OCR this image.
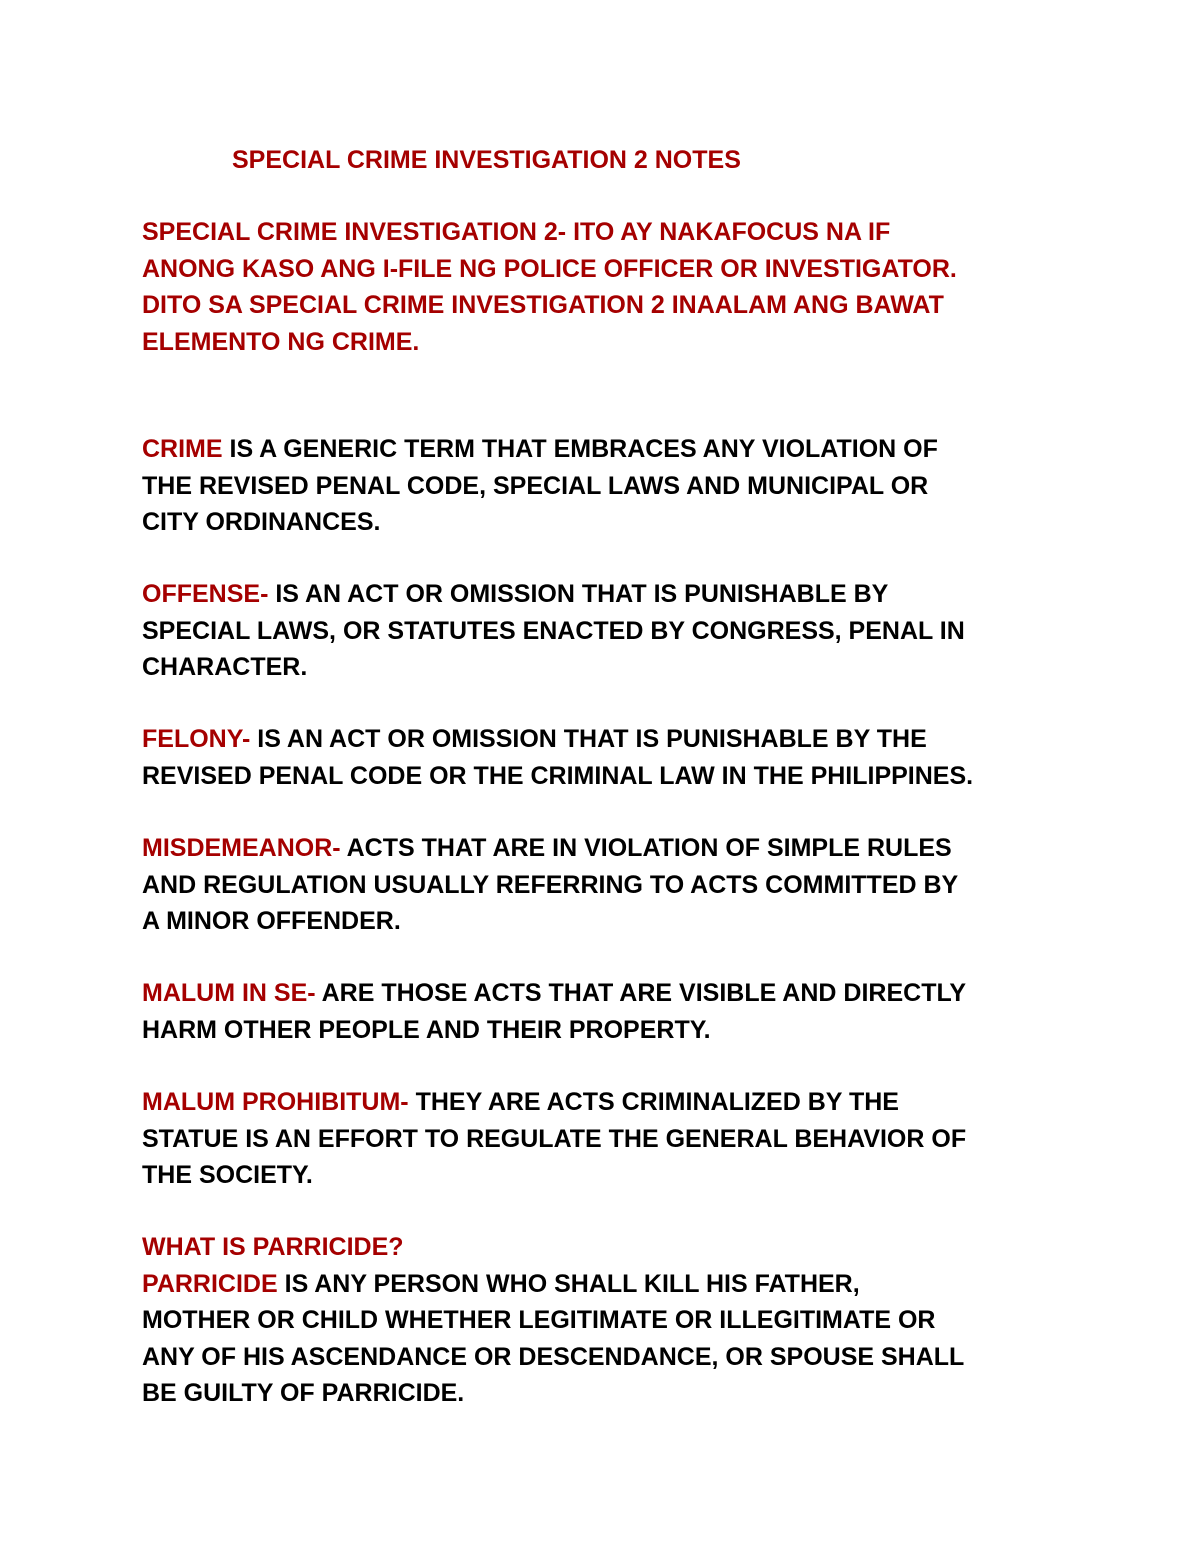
SPECIAL CRIME INVESTIGATION 2 NOTES
SPECIAL CRIME INVESTIGATION 2- ITO AY NAKAFOCUS NA IF
ANONG KASO ANG I-FILE NG POLICE OFFICER OR INVESTIGATOR.
DITO SA SPECIAL CRIME INVESTIGATION 2 INAALAM ANG BAWAT
ELEMENTO NG CRIME.
CRIME IS A GENERIC TERM THAT EMBRACES ANY VIOLATION OF
THE REVISED PENAL CODE, SPECIAL LAWS AND MUNICIPAL OR
CITY ORDINANCES.
OFFENSE- IS AN ACT OR OMISSION THAT IS PUNISHABLE BY
SPECIAL LAWS, OR STATUTES ENACTED BY CONGRESS, PENAL IN
CHARACTER.
FELONY- IS AN ACT OR OMISSION THAT IS PUNISHABLE BY THE
REVISED PENAL CODE OR THE CRIMINAL LAW IN THE PHILIPPINES.
MISDEMEANOR- ACTS THAT ARE IN VIOLATION OF SIMPLE RULES
AND REGULATION USUALLY REFERRING TO ACTS COMMITTED BY
A MINOR OFFENDER.
MALUM IN SE- ARE THOSE ACTS THAT ARE VISIBLE AND DIRECTLY
HARM OTHER PEOPLE AND THEIR PROPERTY.
MALUM PROHIBITUM- THEY ARE ACTS CRIMINALIZED BY THE
STATUE IS AN EFFORT TO REGULATE THE GENERAL BEHAVIOR OF
THE SOCIETY.
WHAT IS PARRICIDE?
PARRICIDE IS ANY PERSON WHO SHALL KILL HIS FATHER,
MOTHER OR CHILD WHETHER LEGITIMATE OR ILLEGITIMATE OR
ANY OF HIS ASCENDANCE OR DESCENDANCE, OR SPOUSE SHALL
BE GUILTY OF PARRICIDE.
